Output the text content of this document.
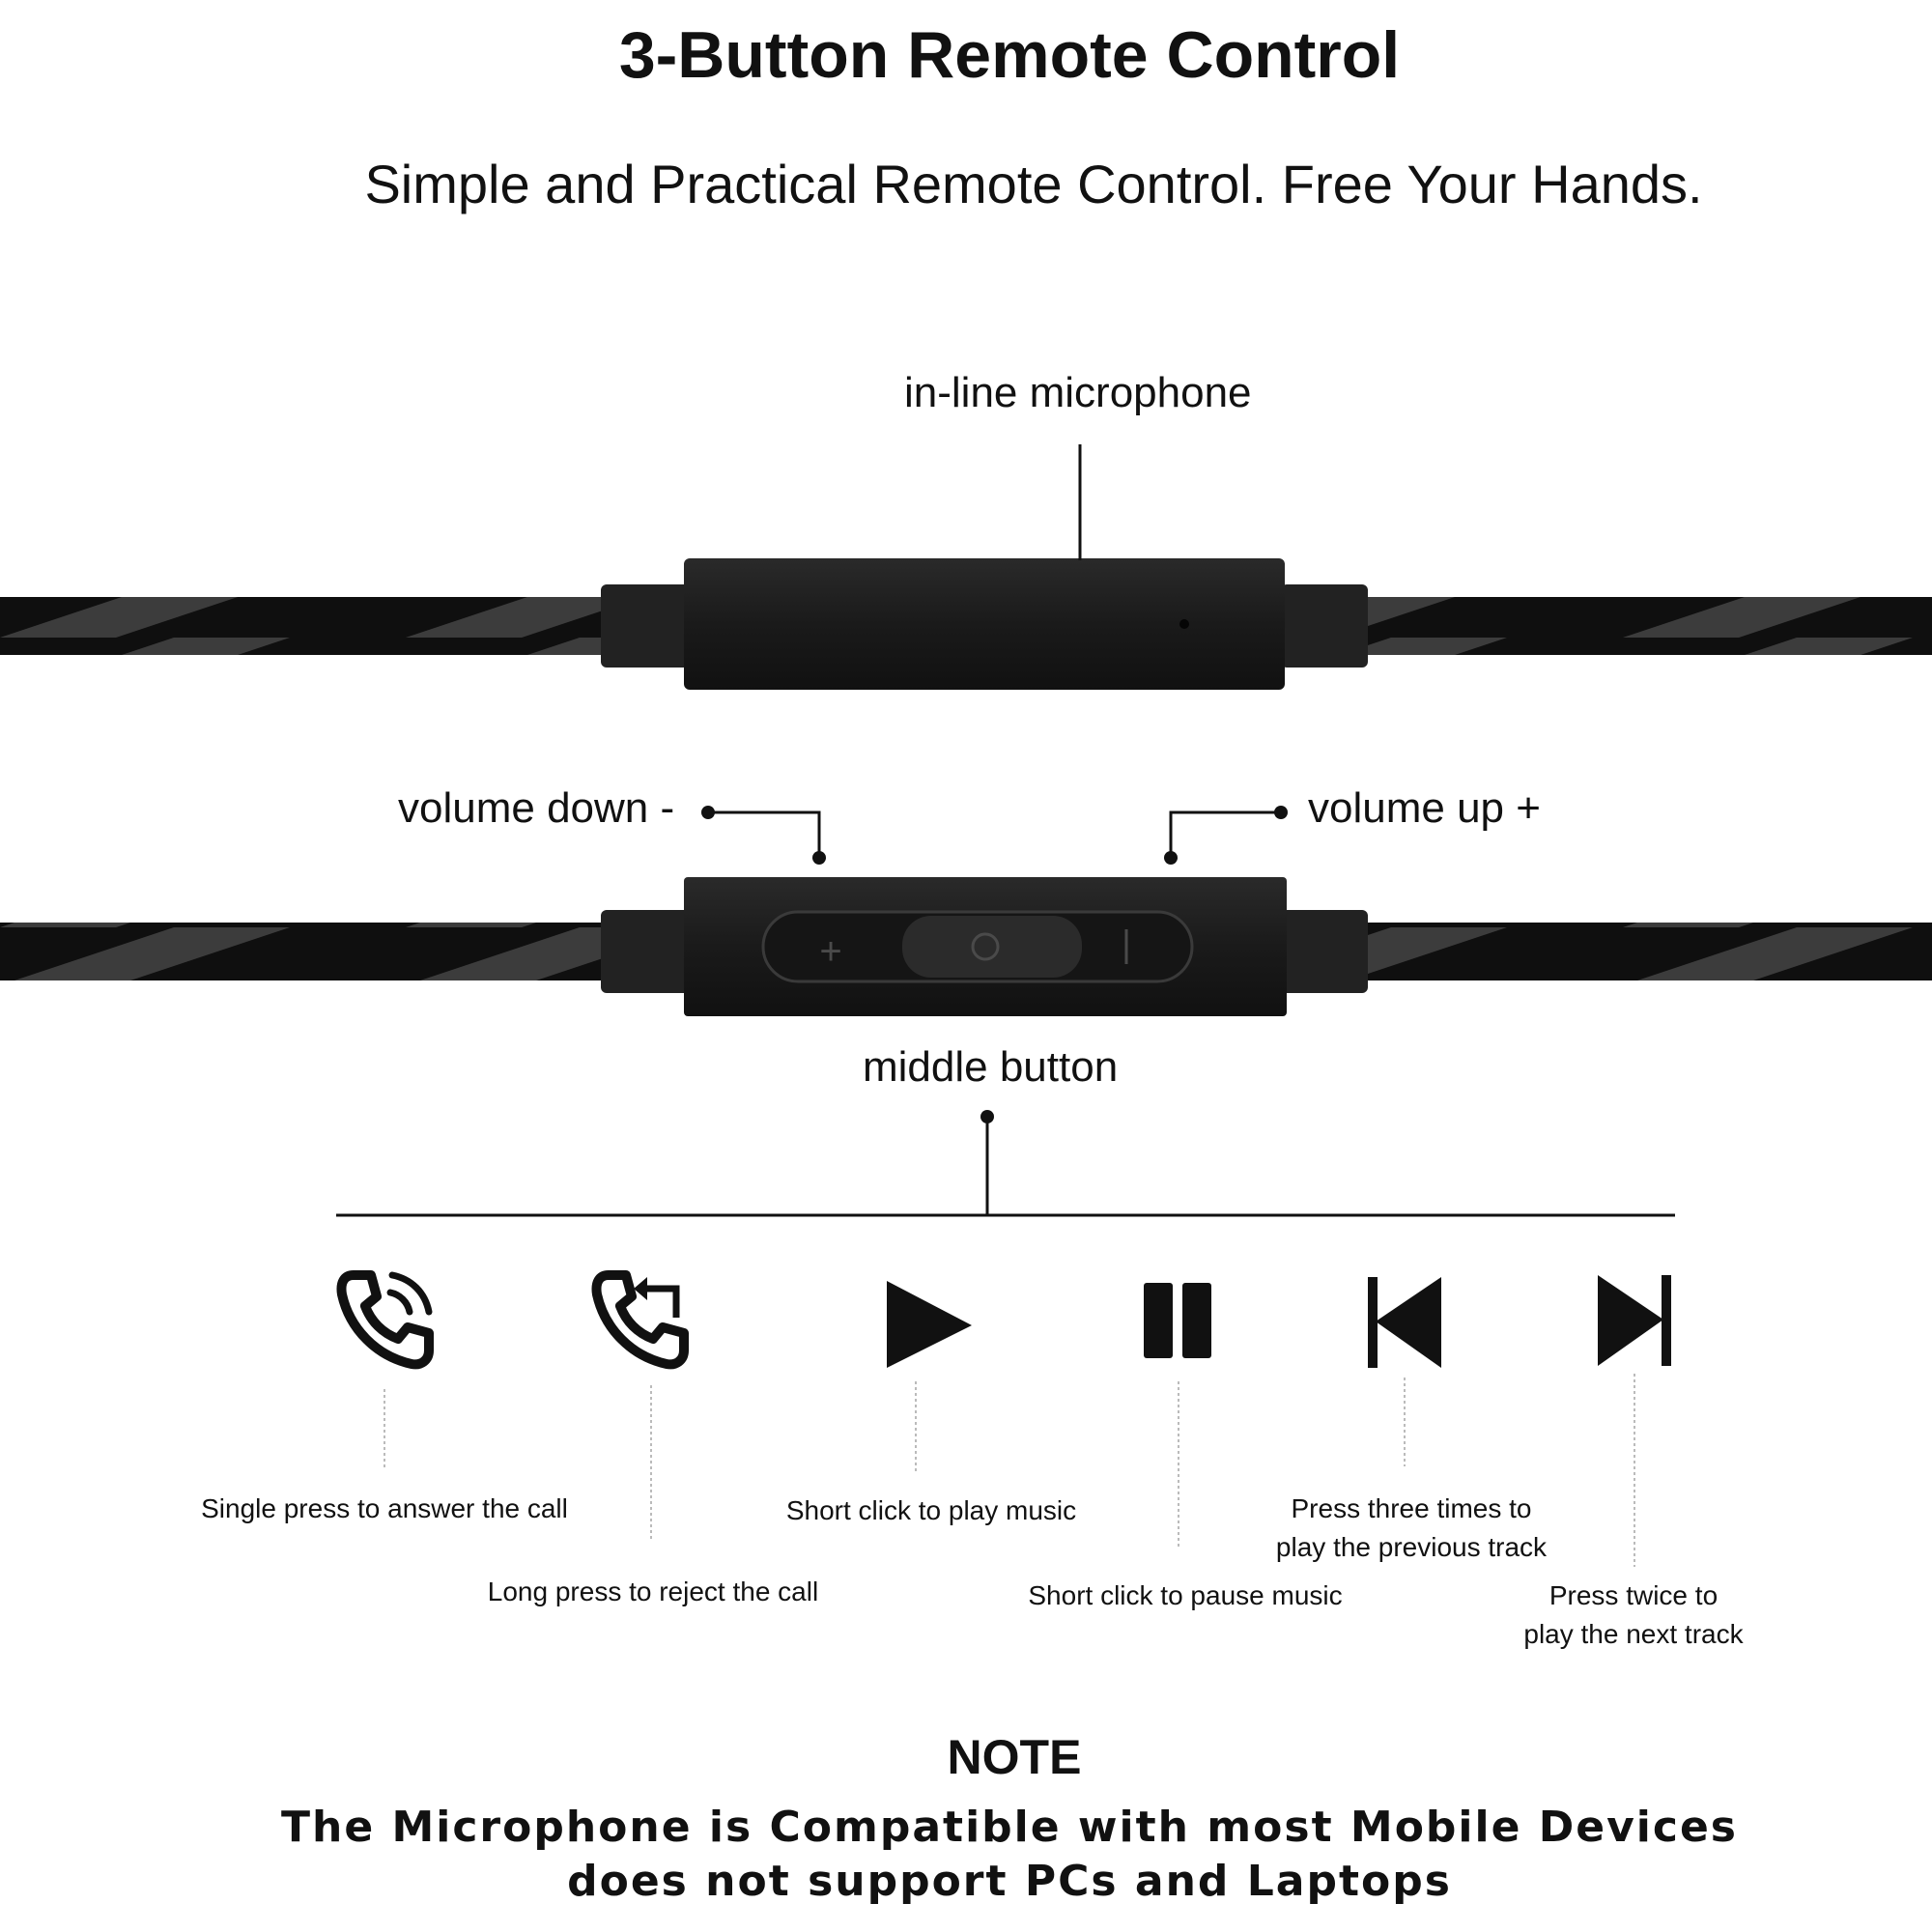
3-Button Remote Control
Simple and Practical Remote Control. Free Your Hands.
+
in-line microphone
volume down -	volume up +
middle button
Single press to answer the call
Long press to reject the call
Short click to play music
Short click to pause music
Press three times to
play the previous track
Press twice to
play the next track
NOTE
The Microphone is Compatible with most Mobile Devices
does not support PCs and Laptops
